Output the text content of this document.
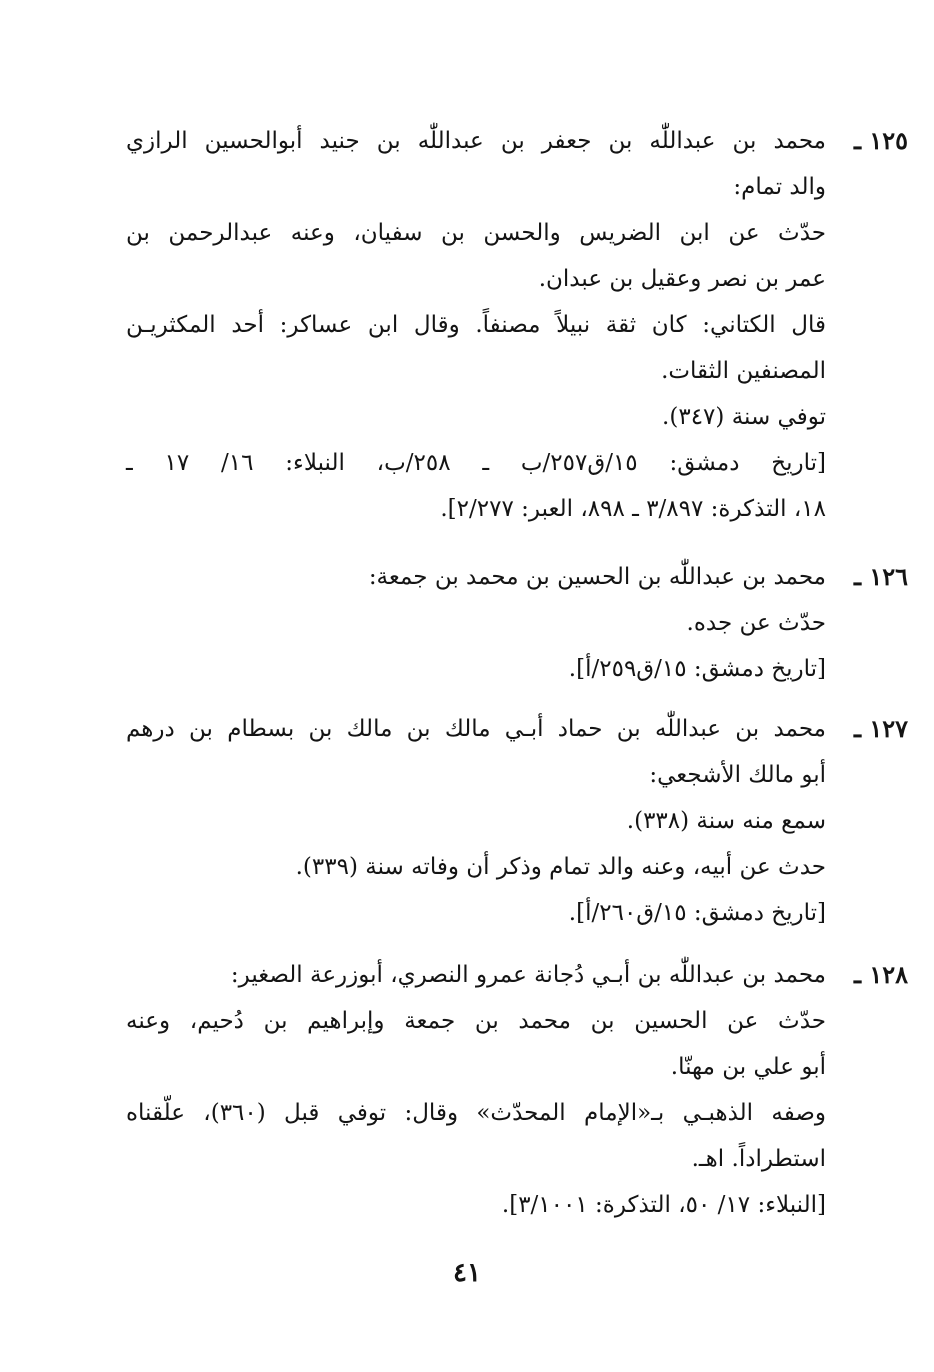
١٢٥ ـ
محمد بن عبداللّٰه بن جعفر بن عبداللّٰه بن جنيد أبوالحسين الرازي
والد تمام:
حدّث عن ابن الضريس والحسن بن سفيان، وعنه عبدالرحمن بن
عمر بن نصر وعقيل بن عبدان.
قال الكتاني: كان ثقة نبيلاً مصنفاً. وقال ابن عساكر: أحد المكثريـن
المصنفين الثقات.
توفي سنة (٣٤٧).
[تاريخ دمشق: ١٥/ق٢٥٧/ب ـ ٢٥٨/ب، النبلاء: ١٦/ ١٧ ـ
١٨، التذكرة: ٣/٨٩٧ ـ ٨٩٨، العبر: ٢/٢٧٧].
١٢٦ ـ
محمد بن عبداللّٰه بن الحسين بن محمد بن جمعة:
حدّث عن جده.
[تاريخ دمشق: ١٥/ق٢٥٩/أ].
١٢٧ ـ
محمد بن عبداللّٰه بن حماد أبـي مالك بن مالك بن بسطام بن درهم
أبو مالك الأشجعي:
سمع منه سنة (٣٣٨).
حدث عن أبيه، وعنه والد تمام وذكر أن وفاته سنة (٣٣٩).
[تاريخ دمشق: ١٥/ق٢٦٠/أ].
١٢٨ ـ
محمد بن عبداللّٰه بن أبـي دُجانة عمرو النصري، أبوزرعة الصغير:
حدّث عن الحسين بن محمد بن جمعة وإبراهيم بن دُحيم، وعنه
أبو علي بن مهنّا.
وصفه الذهبـي بـ«الإمام المحدّث» وقال: توفي قبل (٣٦٠)، علّقناه
استطراداً. اهـ.
[النبلاء: ١٧/ ٥٠، التذكرة: ٣/١٠٠١].
٤١
